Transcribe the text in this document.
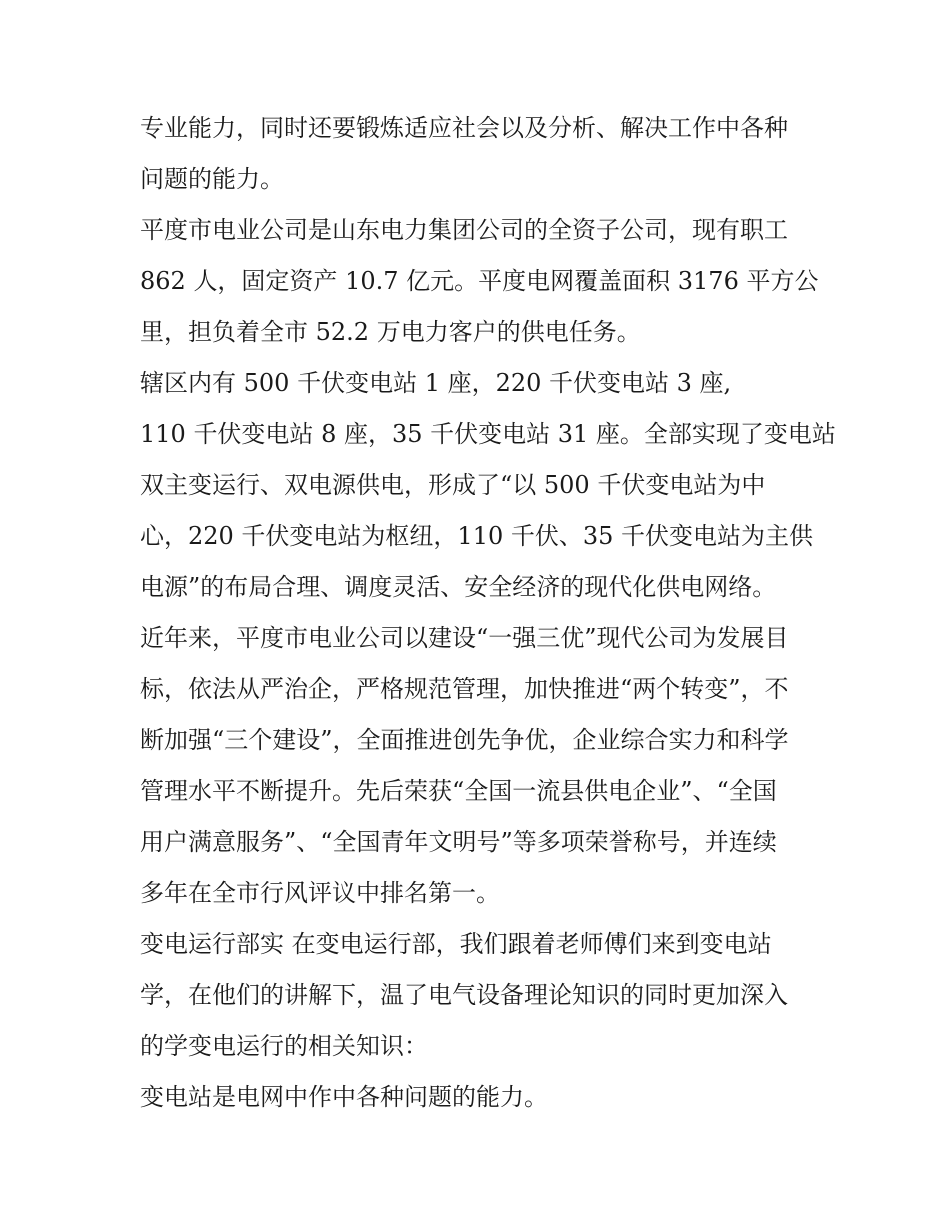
专业能力，同时还要锻炼适应社会以及分析、解决工作中各种
问题的能力。
平度市电业公司是山东电力集团公司的全资子公司，现有职工
862 人，固定资产 10.7 亿元。平度电网覆盖面积 3176 平方公
里，担负着全市 52.2 万电力客户的供电任务。
辖区内有 500 千伏变电站 1 座，220 千伏变电站 3 座,
110 千伏变电站 8 座，35 千伏变电站 31 座。全部实现了变电站
双主变运行、双电源供电，形成了“以 500 千伏变电站为中
心，220 千伏变电站为枢纽，110 千伏、35 千伏变电站为主供
电源”的布局合理、调度灵活、安全经济的现代化供电网络。
近年来，平度市电业公司以建设“一强三优”现代公司为发展目
标，依法从严治企，严格规范管理，加快推进“两个转变”，不
断加强“三个建设”，全面推进创先争优，企业综合实力和科学
管理水平不断提升。先后荣获“全国一流县供电企业”、“全国
用户满意服务”、“全国青年文明号”等多项荣誉称号，并连续
多年在全市行风评议中排名第一。
变电运行部实 在变电运行部，我们跟着老师傅们来到变电站
学，在他们的讲解下，温了电气设备理论知识的同时更加深入
的学变电运行的相关知识：
变电站是电网中作中各种问题的能力。
